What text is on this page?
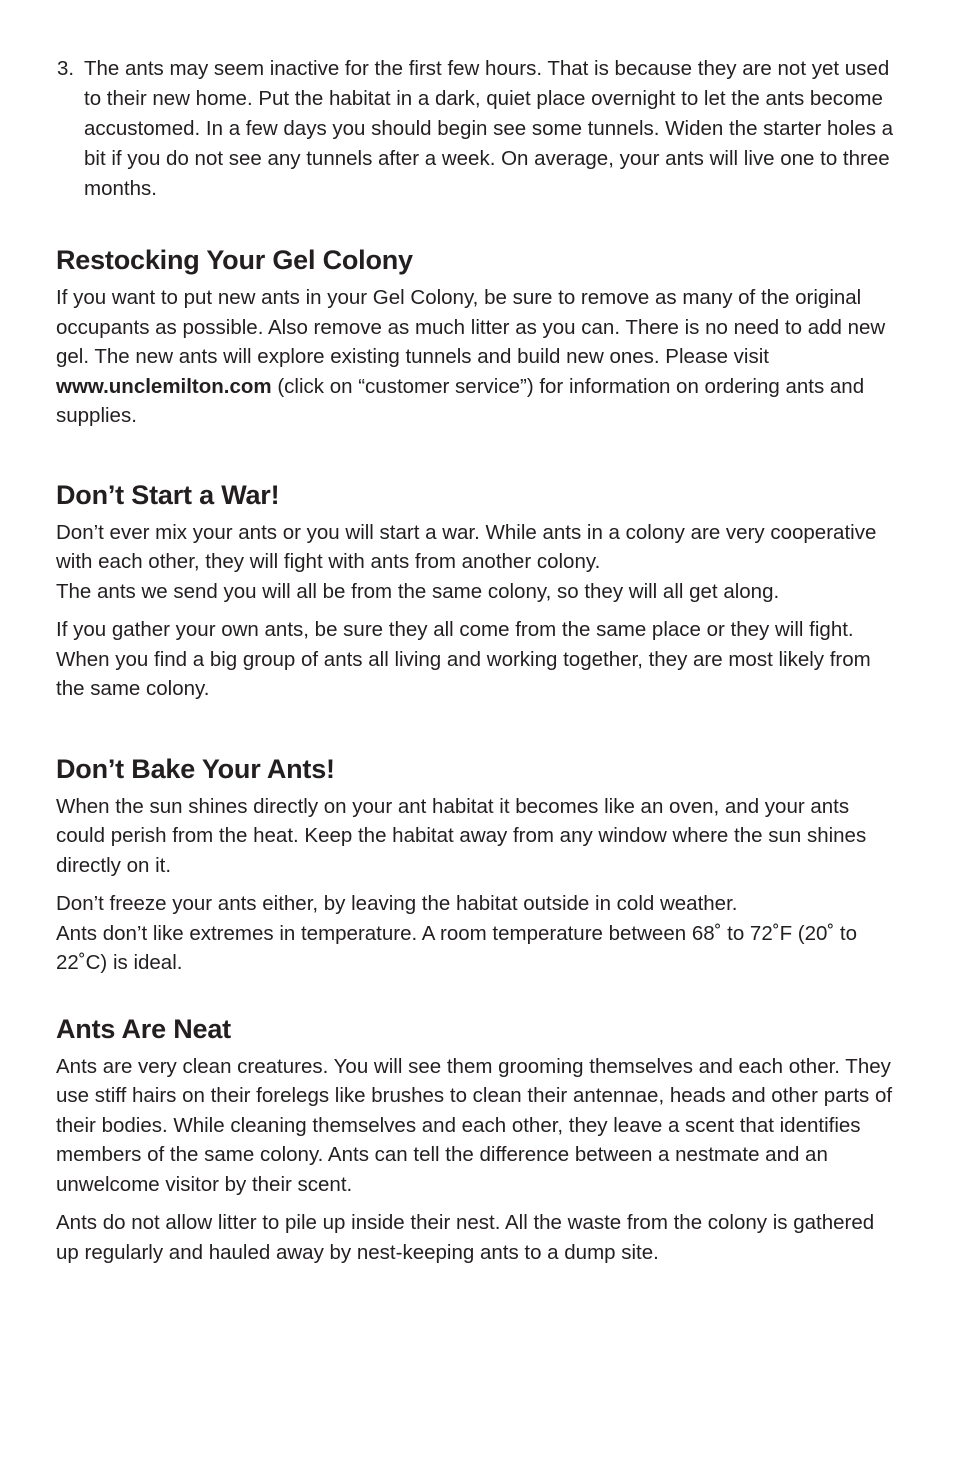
3. The ants may seem inactive for the first few hours. That is because they are not yet used to their new home. Put the habitat in a dark, quiet place overnight to let the ants become accustomed. In a few days you should begin see some tunnels. Widen the starter holes a bit if you do not see any tunnels after a week. On average, your ants will live one to three months.
Restocking Your Gel Colony

If you want to put new ants in your Gel Colony, be sure to remove as many of the original occupants as possible. Also remove as much litter as you can. There is no need to add new gel. The new ants will explore existing tunnels and build new ones. Please visit www.unclemilton.com (click on “customer service”) for information on ordering ants and supplies.

Don’t Start a War!

Don’t ever mix your ants or you will start a war. While ants in a colony are very cooperative with each other, they will fight with ants from another colony.
The ants we send you will all be from the same colony, so they will all get along.

If you gather your own ants, be sure they all come from the same place or they will fight. When you find a big group of ants all living and working together, they are most likely from the same colony.

Don’t Bake Your Ants!

When the sun shines directly on your ant habitat it becomes like an oven, and your ants could perish from the heat. Keep the habitat away from any window where the sun shines directly on it.

Don’t freeze your ants either, by leaving the habitat outside in cold weather.
Ants don’t like extremes in temperature. A room temperature between 68˚ to 72˚F (20˚ to 22˚C) is ideal.

Ants Are Neat

Ants are very clean creatures. You will see them grooming themselves and each other. They use stiff hairs on their forelegs like brushes to clean their antennae, heads and other parts of their bodies. While cleaning themselves and each other, they leave a scent that identifies members of the same colony. Ants can tell the difference between a nestmate and an unwelcome visitor by their scent.

Ants do not allow litter to pile up inside their nest. All the waste from the colony is gathered up regularly and hauled away by nest-keeping ants to a dump site.
